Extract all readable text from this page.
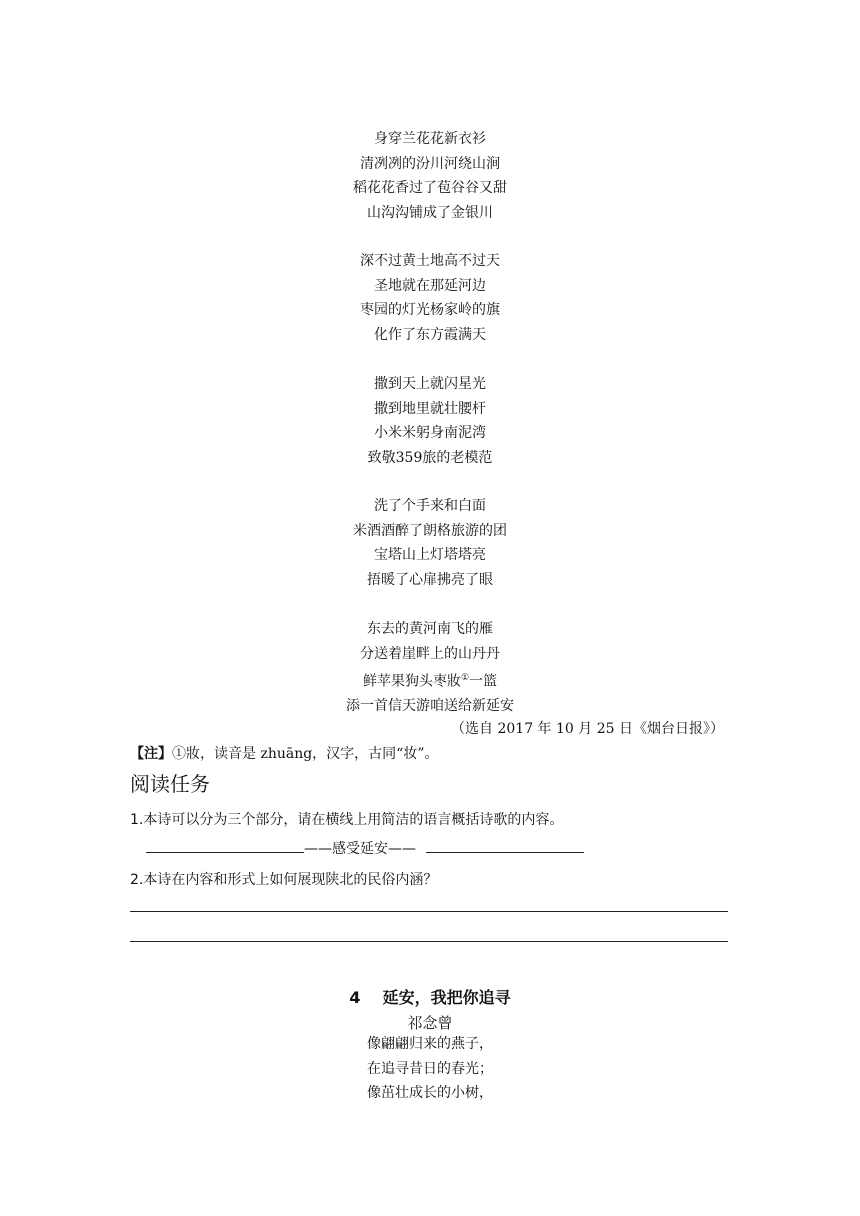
身穿兰花花新衣衫
清冽冽的汾川河绕山涧
稻花花香过了苞谷谷又甜
山沟沟铺成了金银川
深不过黄土地高不过天
圣地就在那延河边
枣园的灯光杨家岭的旗
化作了东方霞满天
撒到天上就闪星光
撒到地里就壮腰杆
小米米躬身南泥湾
致敬359旅的老模范
洗了个手来和白面
米酒酒醉了朗格旅游的团
宝塔山上灯塔塔亮
捂暖了心扉拂亮了眼
东去的黄河南飞的雁
分送着崖畔上的山丹丹
鲜苹果狗头枣妝①一篮
添一首信天游咱送给新延安
（选自 2017 年 10 月 25 日《烟台日报》）
【注】①妝，读音是 zhuāng，汉字，古同“妆”。
阅读任务
1.本诗可以分为三个部分，请在横线上用简洁的语言概括诗歌的内容。
——感受延安——
2.本诗在内容和形式上如何展现陕北的民俗内涵？
4 延安，我把你追寻
祁念曾
像翩翩归来的燕子，
在追寻昔日的春光；
像茁壮成长的小树，
